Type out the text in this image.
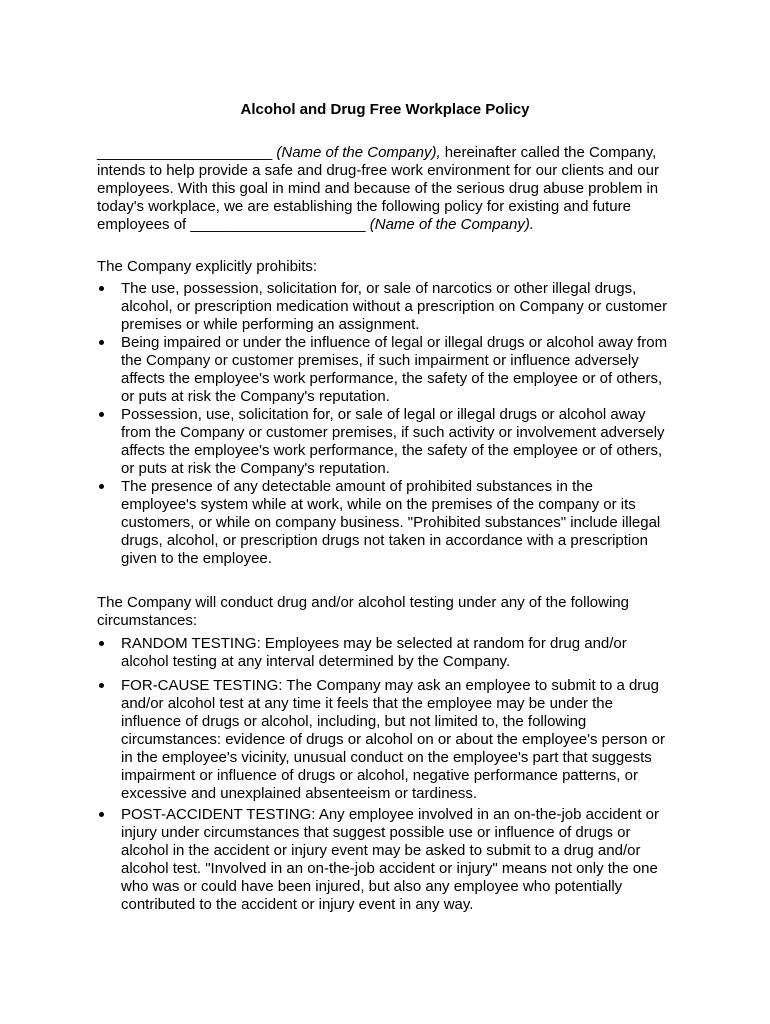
Alcohol and Drug Free Workplace Policy
_____________________ (Name of the Company), hereinafter called the Company,
intends to help provide a safe and drug-free work environment for our clients and our
employees. With this goal in mind and because of the serious drug abuse problem in
today's workplace, we are establishing the following policy for existing and future
employees of _____________________ (Name of the Company).
The Company explicitly prohibits:
The use, possession, solicitation for, or sale of narcotics or other illegal drugs,
alcohol, or prescription medication without a prescription on Company or customer
premises or while performing an assignment.
Being impaired or under the influence of legal or illegal drugs or alcohol away from
the Company or customer premises, if such impairment or influence adversely
affects the employee's work performance, the safety of the employee or of others,
or puts at risk the Company's reputation.
Possession, use, solicitation for, or sale of legal or illegal drugs or alcohol away
from the Company or customer premises, if such activity or involvement adversely
affects the employee's work performance, the safety of the employee or of others,
or puts at risk the Company's reputation.
The presence of any detectable amount of prohibited substances in the
employee's system while at work, while on the premises of the company or its
customers, or while on company business. "Prohibited substances" include illegal
drugs, alcohol, or prescription drugs not taken in accordance with a prescription
given to the employee.
The Company will conduct drug and/or alcohol testing under any of the following
circumstances:
RANDOM TESTING: Employees may be selected at random for drug and/or
alcohol testing at any interval determined by the Company.
FOR-CAUSE TESTING: The Company may ask an employee to submit to a drug
and/or alcohol test at any time it feels that the employee may be under the
influence of drugs or alcohol, including, but not limited to, the following
circumstances: evidence of drugs or alcohol on or about the employee's person or
in the employee's vicinity, unusual conduct on the employee's part that suggests
impairment or influence of drugs or alcohol, negative performance patterns, or
excessive and unexplained absenteeism or tardiness.
POST-ACCIDENT TESTING: Any employee involved in an on-the-job accident or
injury under circumstances that suggest possible use or influence of drugs or
alcohol in the accident or injury event may be asked to submit to a drug and/or
alcohol test. "Involved in an on-the-job accident or injury" means not only the one
who was or could have been injured, but also any employee who potentially
contributed to the accident or injury event in any way.
